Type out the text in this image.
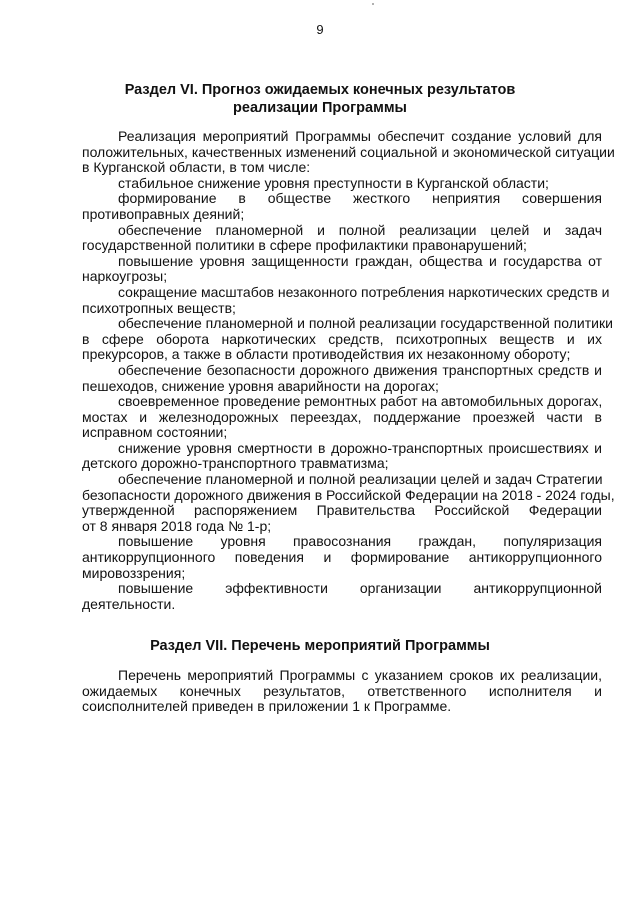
9
Раздел VI. Прогноз ожидаемых конечных результатов
реализации Программы
Реализация мероприятий Программы обеспечит создание условий для
положительных, качественных изменений социальной и экономической ситуации
в Курганской области, в том числе:
стабильное снижение уровня преступности в Курганской области;
формирование в обществе жесткого неприятия совершения
противоправных деяний;
обеспечение планомерной и полной реализации целей и задач
государственной политики в сфере профилактики правонарушений;
повышение уровня защищенности граждан, общества и государства от
наркоугрозы;
сокращение масштабов незаконного потребления наркотических средств и
психотропных веществ;
обеспечение планомерной и полной реализации государственной политики
в сфере оборота наркотических средств, психотропных веществ и их
прекурсоров, а также в области противодействия их незаконному обороту;
обеспечение безопасности дорожного движения транспортных средств и
пешеходов, снижение уровня аварийности на дорогах;
своевременное проведение ремонтных работ на автомобильных дорогах,
мостах и железнодорожных переездах, поддержание проезжей части в
исправном состоянии;
снижение уровня смертности в дорожно-транспортных происшествиях и
детского дорожно-транспортного травматизма;
обеспечение планомерной и полной реализации целей и задач Стратегии
безопасности дорожного движения в Российской Федерации на 2018 - 2024 годы,
утвержденной распоряжением Правительства Российской Федерации
от 8 января 2018 года № 1-р;
повышение уровня правосознания граждан, популяризация
антикоррупционного поведения и формирование антикоррупционного
мировоззрения;
повышение эффективности организации антикоррупционной
деятельности.
Раздел VII. Перечень мероприятий Программы
Перечень мероприятий Программы с указанием сроков их реализации,
ожидаемых конечных результатов, ответственного исполнителя и
соисполнителей приведен в приложении 1 к Программе.
